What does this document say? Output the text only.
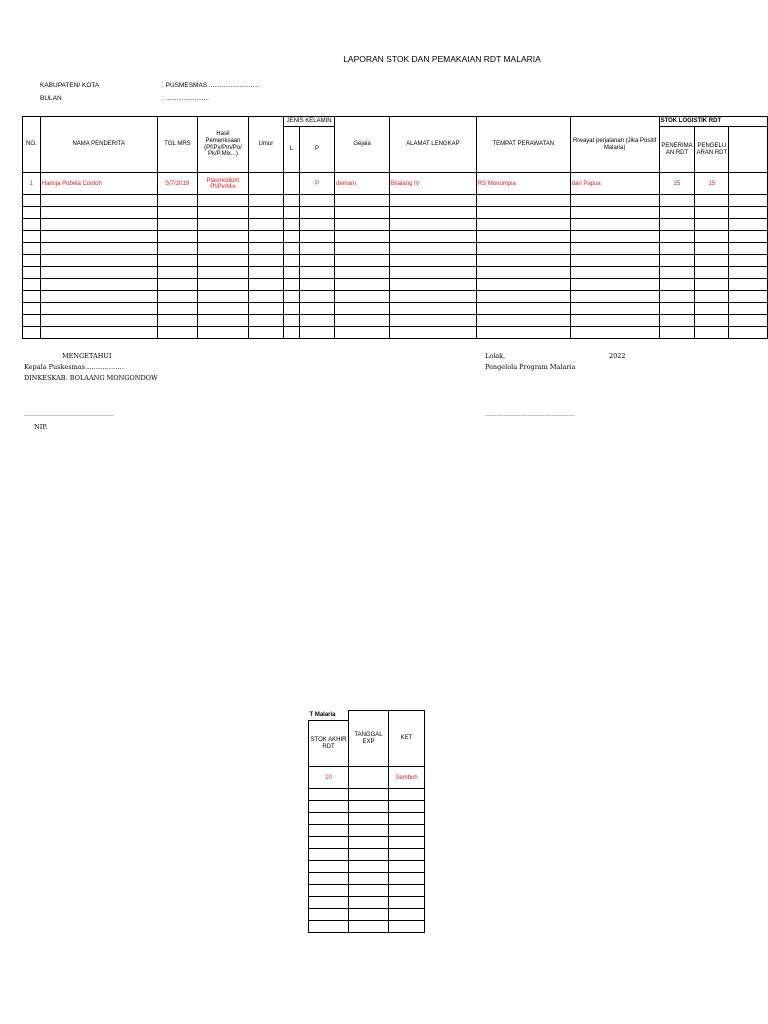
LAPORAN STOK DAN PEMAKAIAN RDT MALARIA
KABUPATEN/ KOTA	: PUSMESMAS ............................
BULAN	: ........................
NO.	NAMA PENDERITA	TGL MRS	Hasil Pemeriksaan (Pf/Pv/Pm/Po/ Pk/P.Mix...)	Umur	JENIS KELAMIN		Gejala	ALAMAT LENGKAP	TEMPAT PERAWATAN	Riwayat perjalanan (Jika Positif Malaria)	STOK LOGISTIK RDT		
					L	P					PENERIMA AN RDT	PENGELU ARAN RDT	
1	Hamija Pobela Contoh	5/7/2019	Plasmodium Pf/Pv/Mix			P	demam	Bilalang IV	RS Monompia	dari Papua	25	15	

MENGETAHUI
Kepala Puskesmas………………
DINKESKAB. BOLAANG MONGONDOW
………………………………………
NIP.
Lolak,	2022
Pengelola Program Malaria
………………………………………
T Malaria	TANGGAL EXP	KET
STOK AKHIR RDT		
10		Sembuh
